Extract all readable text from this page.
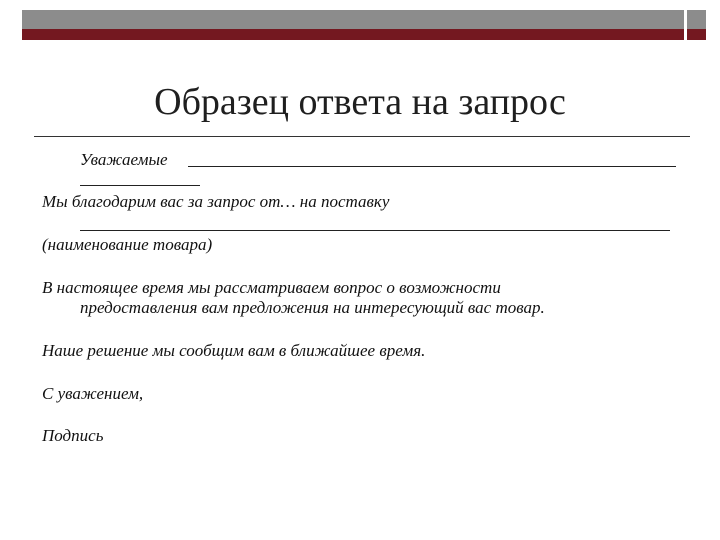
Образец ответа на запрос
Уважаемые
Мы благодарим вас за запрос от… на поставку
(наименование товара)
В настоящее время мы рассматриваем вопрос о возможности
предоставления вам предложения на интересующий вас товар.
Наше решение мы сообщим вам в ближайшее время.
С уважением,
Подпись
